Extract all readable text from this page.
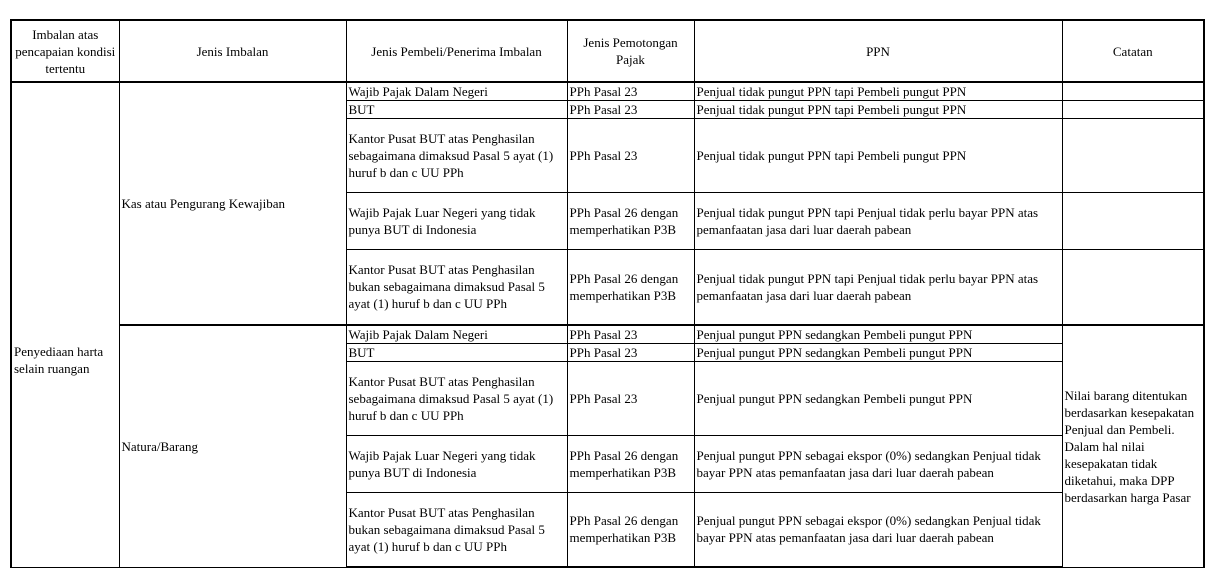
Imbalan atas pencapaian kondisi tertentu	Jenis Imbalan	Jenis Pembeli/Penerima Imbalan	Jenis Pemotongan Pajak	PPN	Catatan
Penyediaan harta selain ruangan	Kas atau Pengurang Kewajiban	Wajib Pajak Dalam Negeri	PPh Pasal 23	Penjual tidak pungut PPN tapi Pembeli pungut PPN	
		BUT	PPh Pasal 23	Penjual tidak pungut PPN tapi Pembeli pungut PPN	
		Kantor Pusat BUT atas Penghasilan sebagaimana dimaksud Pasal 5 ayat (1) huruf b dan c UU PPh	PPh Pasal 23	Penjual tidak pungut PPN tapi Pembeli pungut PPN	
		Wajib Pajak Luar Negeri yang tidak punya BUT di Indonesia	PPh Pasal 26 dengan memperhatikan P3B	Penjual tidak pungut PPN tapi Penjual tidak perlu bayar PPN atas pemanfaatan jasa dari luar daerah pabean	
		Kantor Pusat BUT atas Penghasilan bukan sebagaimana dimaksud Pasal 5 ayat (1) huruf b dan c UU PPh	PPh Pasal 26 dengan memperhatikan P3B	Penjual tidak pungut PPN tapi Penjual tidak perlu bayar PPN atas pemanfaatan jasa dari luar daerah pabean	
	Natura/Barang	Wajib Pajak Dalam Negeri	PPh Pasal 23	Penjual pungut PPN sedangkan Pembeli pungut PPN	Nilai barang ditentukan berdasarkan kesepakatan Penjual dan Pembeli. Dalam hal nilai kesepakatan tidak diketahui, maka DPP berdasarkan harga Pasar
		BUT	PPh Pasal 23	Penjual pungut PPN sedangkan Pembeli pungut PPN	
		Kantor Pusat BUT atas Penghasilan sebagaimana dimaksud Pasal 5 ayat (1) huruf b dan c UU PPh	PPh Pasal 23	Penjual pungut PPN sedangkan Pembeli pungut PPN	
		Wajib Pajak Luar Negeri yang tidak punya BUT di Indonesia	PPh Pasal 26 dengan memperhatikan P3B	Penjual pungut PPN sebagai ekspor (0%) sedangkan Penjual tidak bayar PPN atas pemanfaatan jasa dari luar daerah pabean	
		Kantor Pusat BUT atas Penghasilan bukan sebagaimana dimaksud Pasal 5 ayat (1) huruf b dan c UU PPh	PPh Pasal 26 dengan memperhatikan P3B	Penjual pungut PPN sebagai ekspor (0%) sedangkan Penjual tidak bayar PPN atas pemanfaatan jasa dari luar daerah pabean	
